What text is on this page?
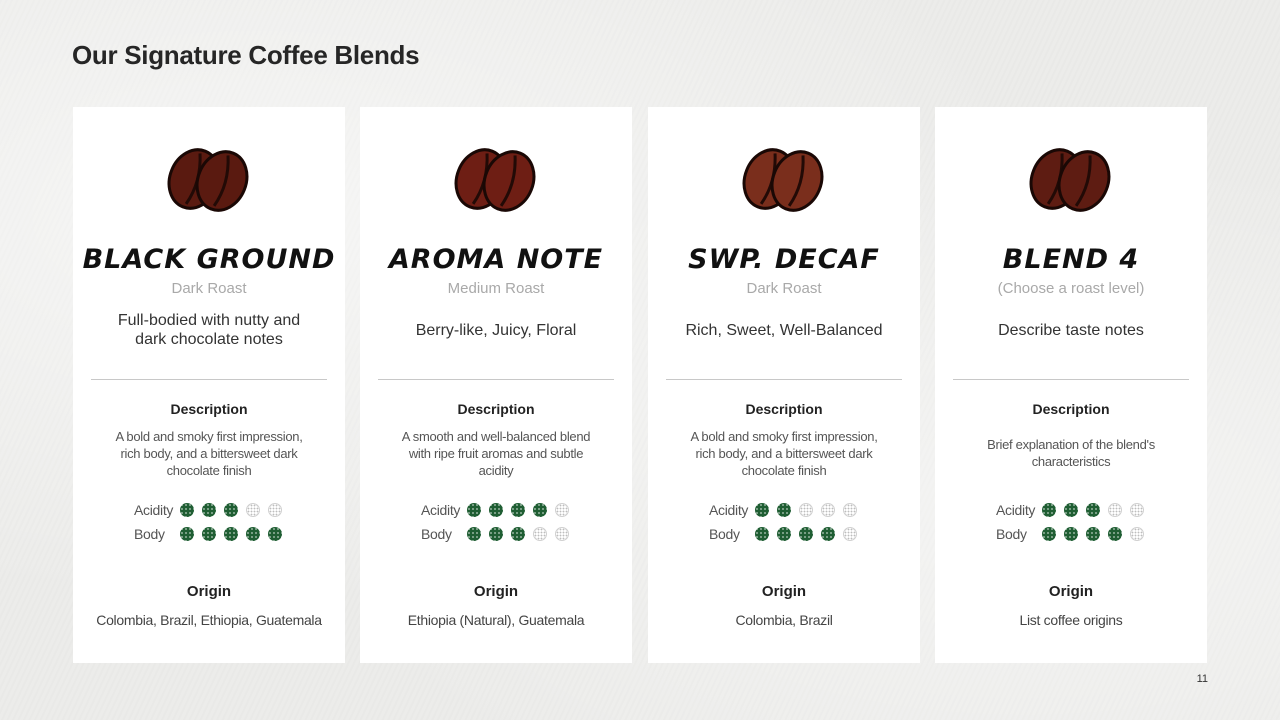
Our Signature Coffee Blends
BLACK GROUND
Dark Roast
Full-bodied with nutty and dark chocolate notes
Description
A bold and smoky first impression, rich body, and a bittersweet dark chocolate finish
Acidity
Body
Origin
Colombia, Brazil, Ethiopia, Guatemala
AROMA NOTE
Medium Roast
Berry-like, Juicy, Floral
Description
A smooth and well-balanced blend with ripe fruit aromas and subtle acidity
Acidity
Body
Origin
Ethiopia (Natural), Guatemala
SWP. DECAF
Dark Roast
Rich, Sweet, Well-Balanced
Description
A bold and smoky first impression, rich body, and a bittersweet dark chocolate finish
Acidity
Body
Origin
Colombia, Brazil
BLEND 4
(Choose a roast level)
Describe taste notes
Description
Brief explanation of the blend's characteristics
Acidity
Body
Origin
List coffee origins
11
